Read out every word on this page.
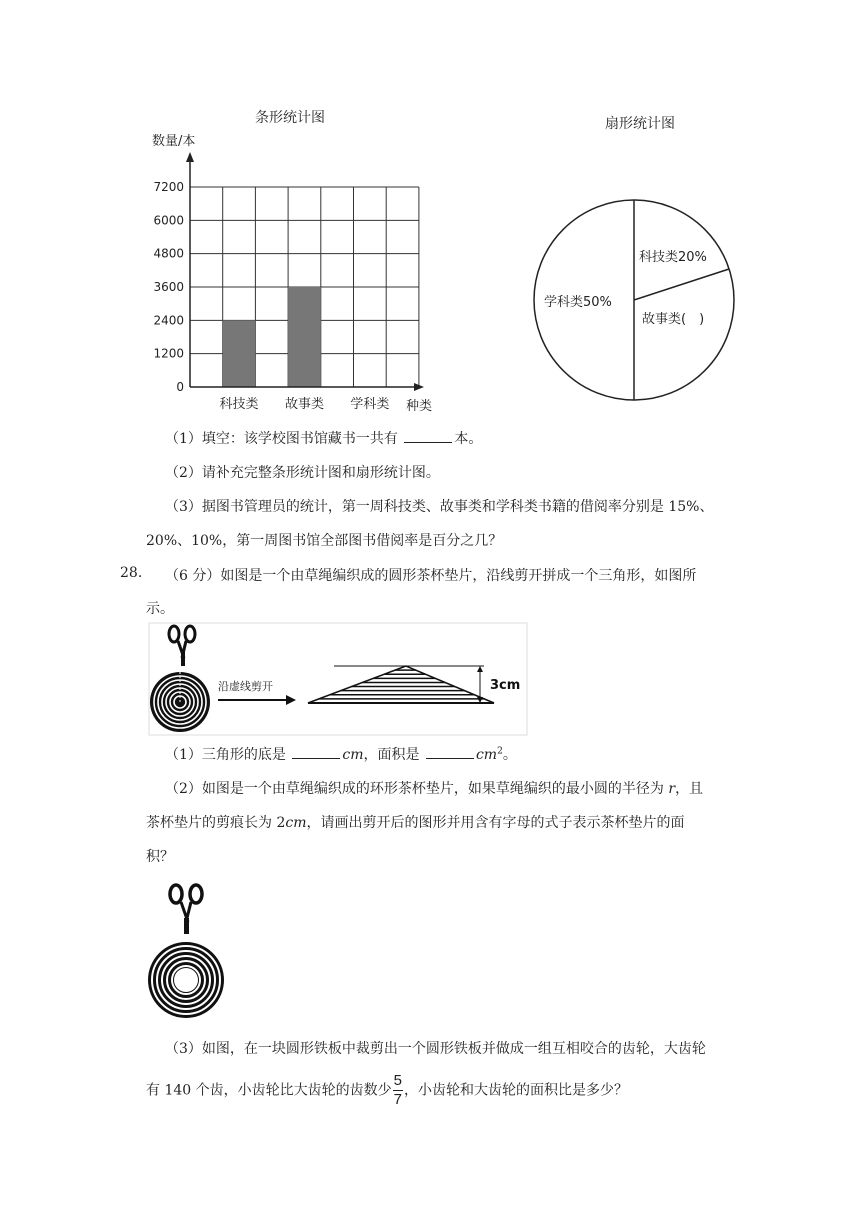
条形统计图
数量/本
0
1200
2400
3600
4800
6000
7200
科技类 故事类 学科类 种类
扇形统计图
科技类20%
故事类(　)
学科类50%
（1）填空：该学校图书馆藏书一共有	本。
（2）请补充完整条形统计图和扇形统计图。
（3）据图书管理员的统计，第一周科技类、故事类和学科类书籍的借阅率分别是 15%、
20%、10%，第一周图书馆全部图书借阅率是百分之几？
28. （6 分）如图是一个由草绳编织成的圆形茶杯垫片，沿线剪开拼成一个三角形，如图所
示。
沿虚线剪开	3cm
（1）三角形的底是	cm，面积是	$cm^2$。
（2）如图是一个由草绳编织成的环形茶杯垫片，如果草绳编织的最小圆的半径为 r，且
茶杯垫片的剪痕长为 2cm，请画出剪开后的图形并用含有字母的式子表示茶杯垫片的面
积？
（3）如图，在一块圆形铁板中裁剪出一个圆形铁板并做成一组互相咬合的齿轮，大齿轮
有 140 个齿，小齿轮比大齿轮的齿数少 $\frac{5}{7}$ ，小齿轮和大齿轮的面积比是多少？
